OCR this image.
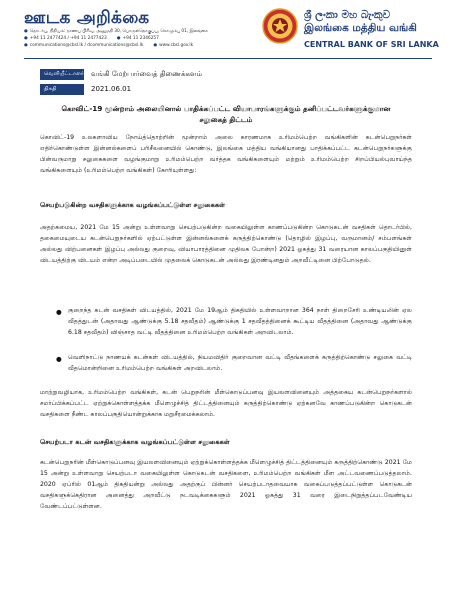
ஊடக அறிக்கை
● தொடர்பு, நிதியம்: நாணய பிரிவு, அனுமதி 30, பொருள்தொகுப்பு, கொழும்பு 01, இலங்கை
● +94 11 2477424 / +94 11 2477423 ● +94 11 2346257
● communications@cbsl.lk / dcommunications@cbsl.lk ● www.cbsl.gov.lk
ශ්‍රී ලංකා මහ බැංකුව
இலங்கை மத்திய வங்கி
CENTRAL BANK OF SRI LANKA
வெளியீட்டாளர் வங்கி மேற்பார்வைத் திணைக்களம்
திகதி	2021.06.01
கொவிட்-19 மூன்றாம் அலையினால் பாதிக்கப்பட்ட வியாபாரங்களுக்கும் தனிப்பட்டவர்களுக்குமான
சலுகைத் திட்டம்

கொவிட்-19 உலகளாவிய நோய்த்தொற்றின் மூன்றாம் அலை காரணமாக உரிமம்பெற்ற வங்கிகளின் கடன்பெறுநர்கள் எதிர்கொண்டுள்ள இன்னல்களைப் பரிசீலனையில் கொண்டு, இலங்கை மத்திய வங்கியானது பாதிக்கப்பட்ட கடன்பெறுநர்களுக்கு பின்வருமாறு சலுகைகளை வழங்குமாறு உரிமம்பெற்ற வர்த்தக வங்கிகளையும் மற்றும் உரிமம்பெற்ற சிறப்பியல்புவாய்ந்த வங்கிகளையும் (உரிமம்பெற்ற வங்கிகள்) கோரியுள்ளது:

செயற்படுகின்ற வசதிகளுக்காக வழங்கப்பட்டுள்ள சலுகைகள்

அதற்கமைய, 2021 மே 15 அன்று உள்ளவாறு செயற்படுகின்ற வகையிலுள்ள காணப்படுகின்ற கொடுகடன் வசதிகள் தொடர்பில், தகைமையுடைய கடன்பெறுநர்களில் ஏற்பட்டுள்ள இன்னல்களைக் கருத்திற்கொண்டு (தொழில் இழப்பு, வருமானம்/ சம்பளங்கள் அல்லது விற்பனைகள் இழப்பு அல்லது குறைவு, வியாபாரத்தினை முதிலக போன்ற) 2021 ஓகத்து 31 வரையான காலப்பகுதியினுள் விடயத்திற்கு விடயம் என்ற அடிப்படையில் முதலைக் கொடுகடன் அல்லது இரண்டினதும் அறவீட்டினை பிற்போடுதல்.

● குறைந்த கடன் வசதிகள் விடயத்தில், 2021 மே 19ஆம் திகதியில் உள்ளவாறான 364 நாள் திறைசேரி உண்டியலின் ஏல வீதத்துடன் (அதாவது ஆண்டுக்கு 5.18 சதவீதம்) ஆண்டுக்கு 1 சதவீதத்தினைக் கூட்டிய வீதத்தினை (அதாவது ஆண்டுக்கு 6.18 சதவீதம்) விஞ்சாத வட்டி வீதத்தினை உரிமம்பெற்ற வங்கிகள் அறவிடலாம்.

● வெளிநாட்டு நாணயக் கடன்கள் விடயத்தில், நியமவிதிர் குறைவான வட்டி வீதங்களைக் கருத்திற்கொண்டு சலுகை வட்டி வீதமொன்றினை உரிமம்பெற்ற வங்கிகள் அறவிடலாம்.

மாற்றுவழியாக, உரிமம்பெற்ற வங்கிகள், கடன் பெறுநரின் மீள்கொடுப்பனவு இயலளவினையும் அத்தகைய கடன்பெறுநர்களால் சமர்ப்பிக்கப்பட்ட ஏற்றுக்கொள்ளத்தக்க மீளெழுச்சித் திட்டத்தினையும் கருத்திற்கொண்டு ஏற்கனவே காணப்படுகின்ற கொடுகடன் வசதிகளை நீண்ட காலப்பகுதியொன்றுக்காக மறுசீரமைக்கலாம்.

செயற்படா கடன் வசதிகளுக்காக வழங்கப்பட்டுள்ள சலுகைகள்

கடன்பெறுநரின் மீள்கொடுப்பனவு இயலளவினையும் ஏற்றுக்கொள்ளத்தக்க மீளெழுச்சித் திட்டத்தினையும் கருத்திற்கொண்டு 2021 மே 15 அன்று உள்ளவாறு செயற்படா வகையிலுள்ள கொடுகடன் வசதிகளை, உரிமம்பெற்ற வங்கிகள் மீள அட்டவணைப்படுத்தலாம். 2020 ஏப்ரில் 01ஆம் திகதியன்று அல்லது அதற்குப் பின்னர் செயற்படாதவையாக வகைப்படுத்தப்பட்டுள்ள கொடுகடன் வசதிகளுக்கெதிரான அனைத்து அறவீட்டு நடவடிக்கைகளும் 2021 ஓகத்து 31 வரை இடைநிறுத்தப்படவேண்டிய வேண்டப்பட்டுள்ளன.
